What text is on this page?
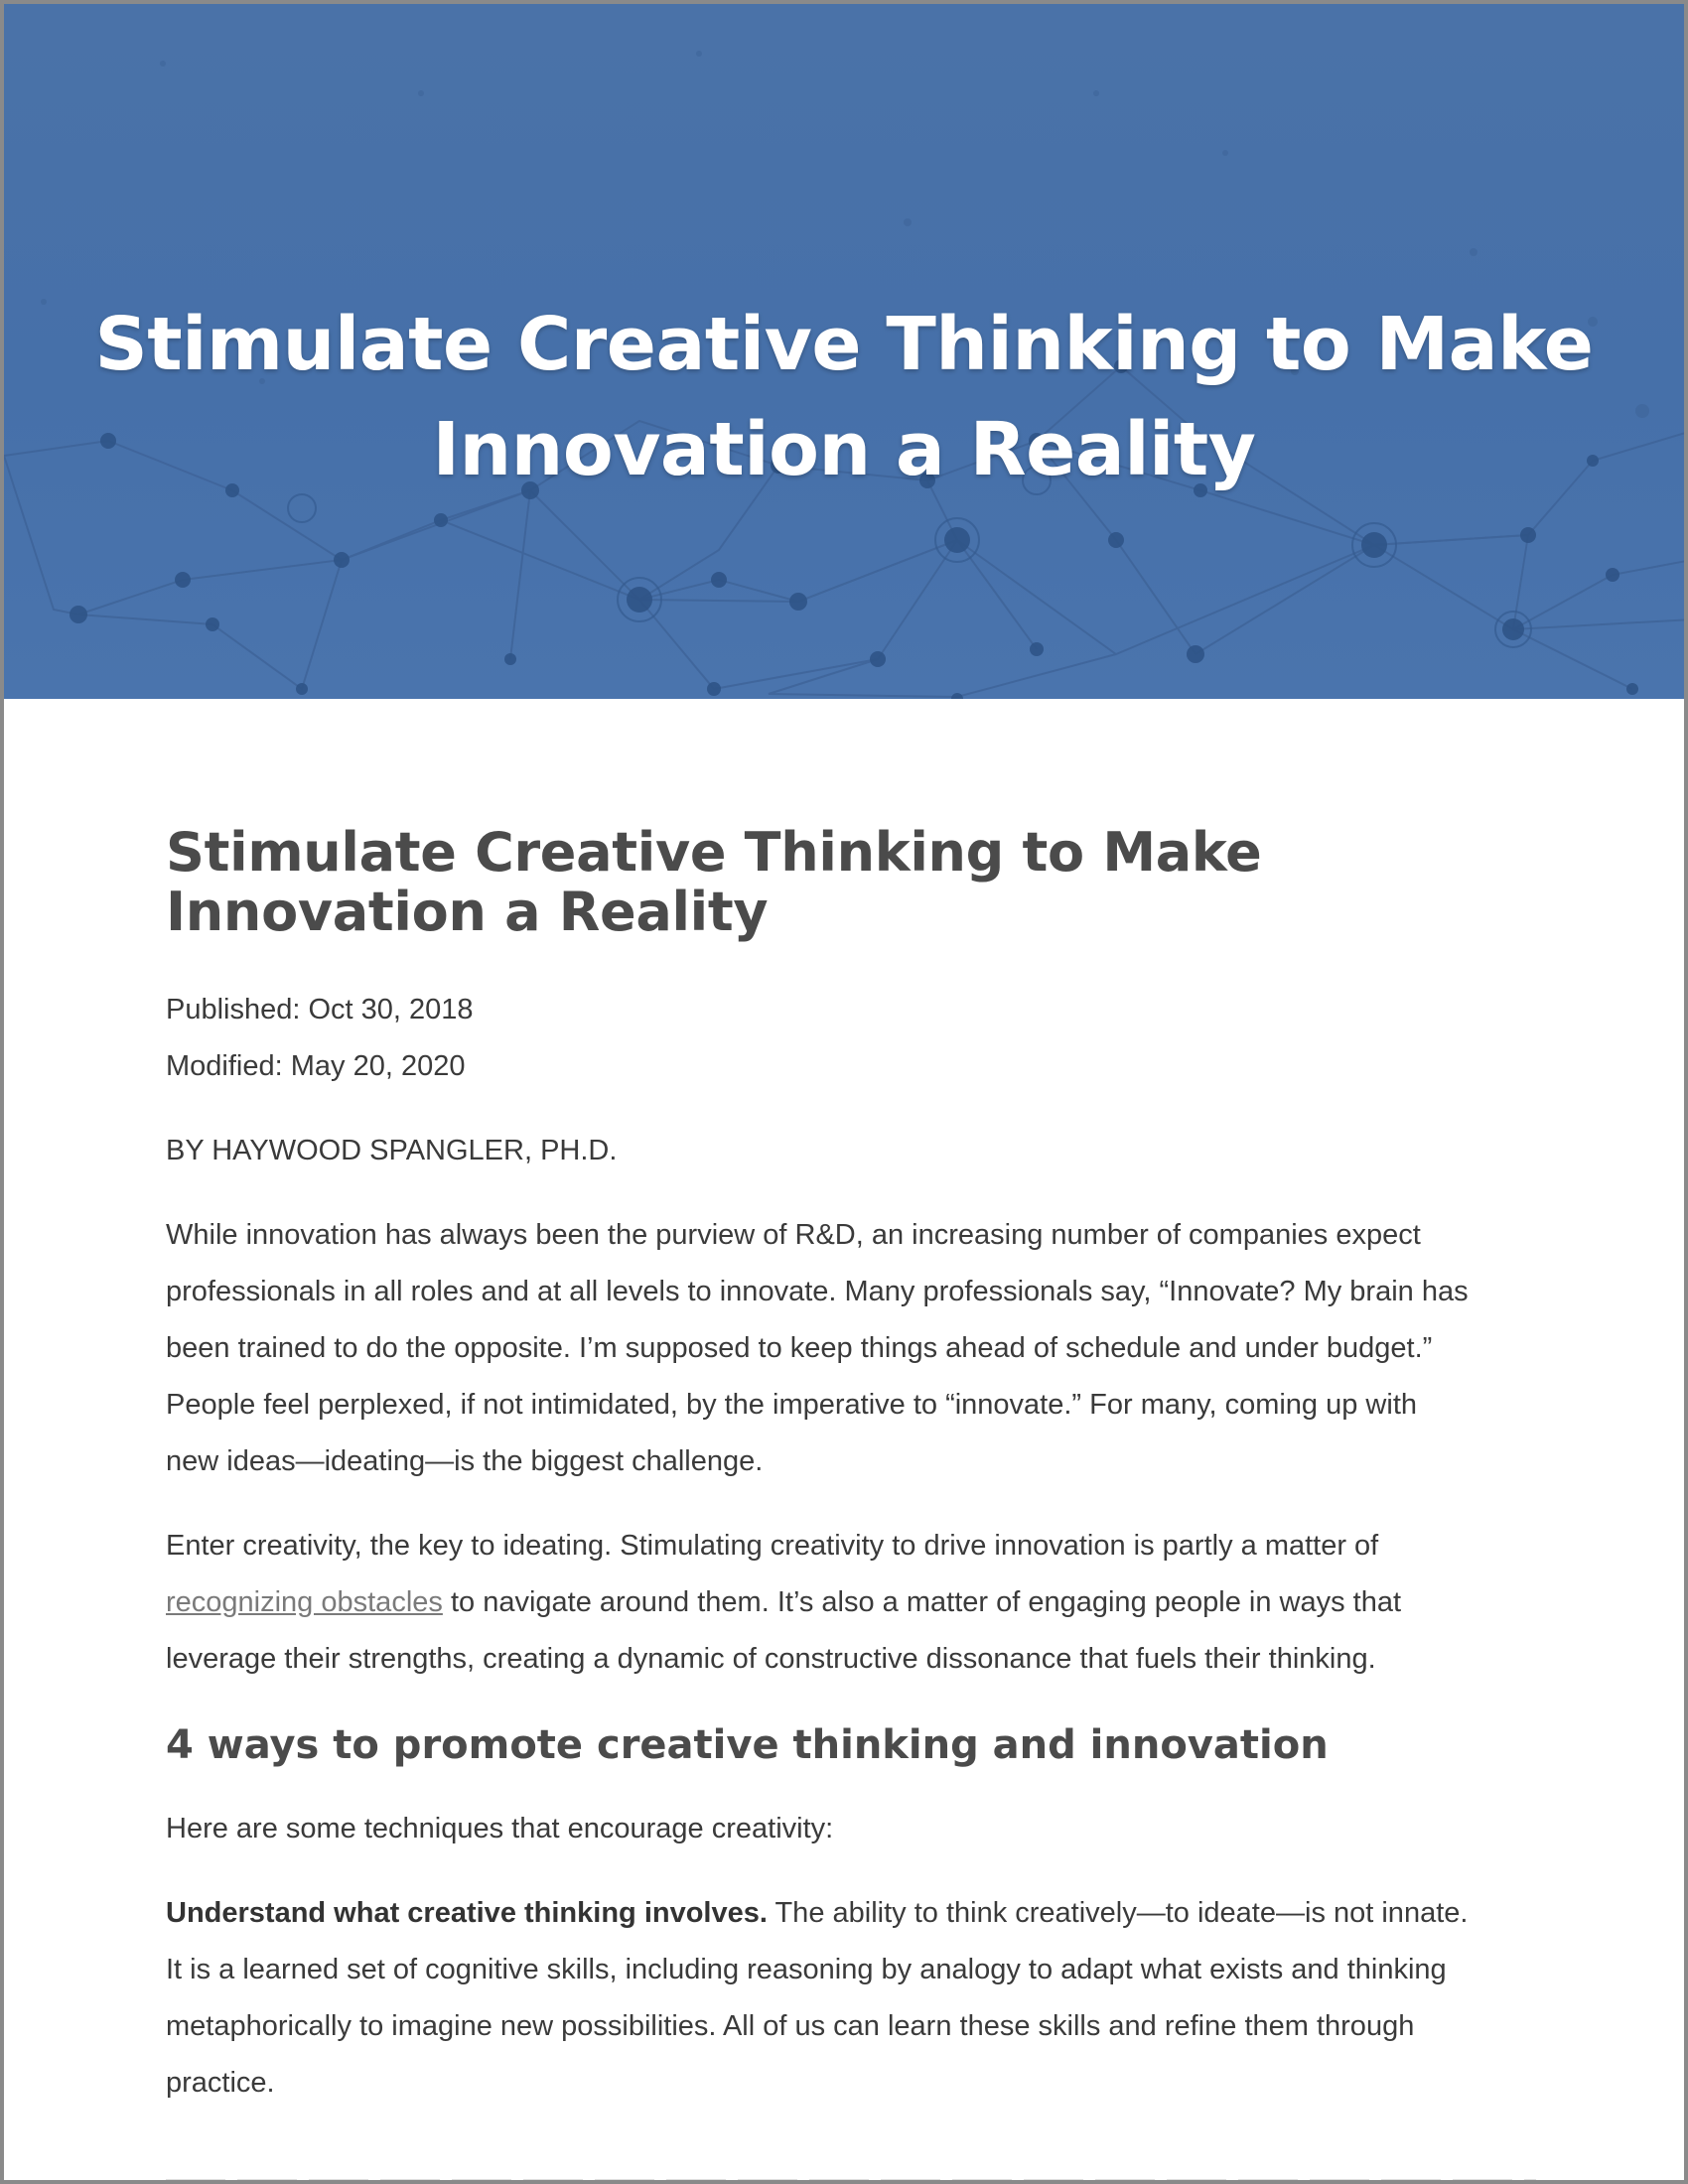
Stimulate Creative Thinking to Make
Innovation a Reality
Stimulate Creative Thinking to Make
Innovation a Reality
Published: Oct 30, 2018
Modified: May 20, 2020
BY HAYWOOD SPANGLER, PH.D.

While innovation has always been the purview of R&D, an increasing number of companies expect
professionals in all roles and at all levels to innovate. Many professionals say, “Innovate? My brain has
been trained to do the opposite. I’m supposed to keep things ahead of schedule and under budget.”
People feel perplexed, if not intimidated, by the imperative to “innovate.” For many, coming up with
new ideas—ideating—is the biggest challenge.

Enter creativity, the key to ideating. Stimulating creativity to drive innovation is partly a matter of
recognizing obstacles to navigate around them. It’s also a matter of engaging people in ways that
leverage their strengths, creating a dynamic of constructive dissonance that fuels their thinking.

4 ways to promote creative thinking and innovation

Here are some techniques that encourage creativity:

Understand what creative thinking involves. The ability to think creatively—to ideate—is not innate.
It is a learned set of cognitive skills, including reasoning by analogy to adapt what exists and thinking
metaphorically to imagine new possibilities. All of us can learn these skills and refine them through
practice.
